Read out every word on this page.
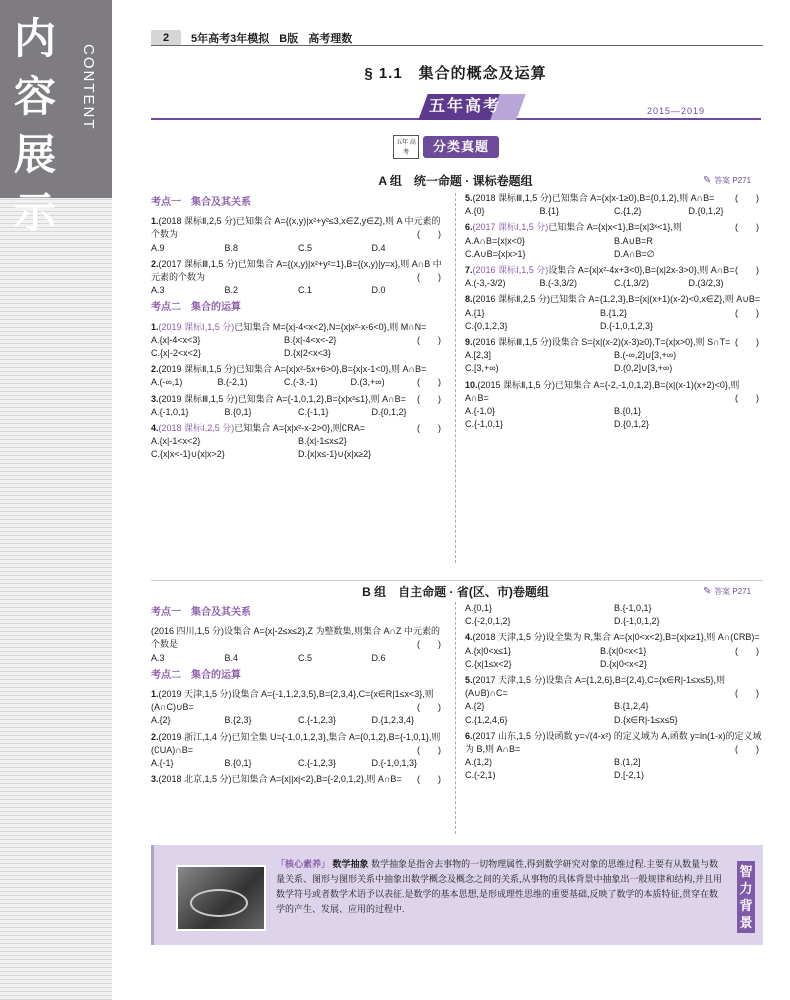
内
容
展
示
CONTENT
2	5年高考3年模拟 B版 高考理数
§ 1.1　集合的概念及运算
五年高考	2015—2019
五年 高考	分类真题
A 组　统一命题 · 课标卷题组	✎ 答案 P271
考点一　集合及其关系
1.(2018 课标Ⅱ,2,5 分)已知集合 A={(x,y)|x²+y²≤3,x∈Z,y∈Z},则 A 中元素的个数为	(　　)
A.9	B.8	C.5	D.4
2.(2017 课标Ⅲ,1,5 分)已知集合 A={(x,y)|x²+y²=1},B={(x,y)|y=x},则 A∩B 中元素的个数为	(　　)
A.3	B.2	C.1	D.0
考点二　集合的运算
1.(2019 课标Ⅰ,1,5 分)已知集合 M={x|-4<x<2},N={x|x²-x-6<0},则 M∩N=
(　　)
A.{x|-4<x<3}	B.{x|-4<x<-2}
C.{x|-2<x<2}	D.{x|2<x<3}
2.(2019 课标Ⅱ,1,5 分)已知集合 A={x|x²-5x+6>0},B={x|x-1<0},则 A∩B=
(　　)
A.(-∞,1)	B.(-2,1)	C.(-3,-1)	D.(3,+∞)
3.(2019 课标Ⅲ,1,5 分)已知集合 A={-1,0,1,2},B={x|x²≤1},则 A∩B= (　　)
A.{-1,0,1}	B.{0,1}	C.{-1,1}	D.{0,1,2}
4.(2018 课标Ⅰ,2,5 分)已知集合 A={x|x²-x-2>0},则∁RA=	(　　)
A.{x|-1<x<2}	B.{x|-1≤x≤2}
C.{x|x<-1}∪{x|x>2}	D.{x|x≤-1}∪{x|x≥2}
5.(2018 课标Ⅲ,1,5 分)已知集合 A={x|x-1≥0},B={0,1,2},则 A∩B= (　　)
A.{0}	B.{1}	C.{1,2}	D.{0,1,2}
6.(2017 课标Ⅰ,1,5 分)已知集合 A={x|x<1},B={x|3ˣ<1},则	(　　)
A.A∩B={x|x<0}	B.A∪B=R
C.A∪B={x|x>1}	D.A∩B=∅
7.(2016 课标Ⅰ,1,5 分)设集合 A={x|x²-4x+3<0},B={x|2x-3>0},则 A∩B= (　　)
A.(-3,-3/2)	B.(-3,3/2)	C.(1,3/2)	D.(3/2,3)
8.(2016 课标Ⅱ,2,5 分)已知集合 A={1,2,3},B={x|(x+1)(x-2)<0,x∈Z},则 A∪B=
(　　)
A.{1}	B.{1,2}
C.{0,1,2,3}	D.{-1,0,1,2,3}
9.(2016 课标Ⅲ,1,5 分)设集合 S={x|(x-2)(x-3)≥0},T={x|x>0},则 S∩T= (　　)
A.[2,3]	B.(-∞,2]∪[3,+∞)
C.[3,+∞)	D.(0,2]∪[3,+∞)
10.(2015 课标Ⅱ,1,5 分)已知集合 A={-2,-1,0,1,2},B={x|(x-1)(x+2)<0},则 A∩B=	(　　)
A.{-1,0}	B.{0,1}
C.{-1,0,1}	D.{0,1,2}
B 组　自主命题 · 省(区、市)卷题组	✎ 答案 P271
考点一　集合及其关系
(2016 四川,1,5 分)设集合 A={x|-2≤x≤2},Z 为整数集,则集合 A∩Z 中元素的个数是	(　　)
A.3	B.4	C.5	D.6
考点二　集合的运算
1.(2019 天津,1,5 分)设集合 A={-1,1,2,3,5},B={2,3,4},C={x∈R|1≤x<3},则(A∩C)∪B=	(　　)
A.{2}	B.{2,3}	C.{-1,2,3}	D.{1,2,3,4}
2.(2019 浙江,1,4 分)已知全集 U={-1,0,1,2,3},集合 A={0,1,2},B={-1,0,1},则(∁UA)∩B=	(　　)
A.{-1}	B.{0,1}	C.{-1,2,3}	D.{-1,0,1,3}
3.(2018 北京,1,5 分)已知集合 A={x||x|<2},B={-2,0,1,2},则 A∩B= (　　)
A.{0,1}	B.{-1,0,1}
C.{-2,0,1,2}	D.{-1,0,1,2}
4.(2018 天津,1,5 分)设全集为 R,集合 A={x|0<x<2},B={x|x≥1},则 A∩(∁RB)=
(　　)
A.{x|0<x≤1}	B.{x|0<x<1}
C.{x|1≤x<2}	D.{x|0<x<2}
5.(2017 天津,1,5 分)设集合 A={1,2,6},B={2,4},C={x∈R|-1≤x≤5},则(A∪B)∩C=	(　　)
A.{2}	B.{1,2,4}
C.{1,2,4,6}	D.{x∈R|-1≤x≤5}
6.(2017 山东,1,5 分)设函数 y=√(4-x²) 的定义域为 A,函数 y=ln(1-x)的定义域为 B,则 A∩B=	(　　)
A.(1,2)	B.(1,2]
C.(-2,1)	D.[-2,1)
「核心素养」 数学抽象 数学抽象是指舍去事物的一切物理属性,得到数学研究对象的思维过程.主要有从数量与数量关系、图形与图形关系中抽象出数学概念及概念之间的关系,从事物的具体背景中抽象出一般规律和结构,并且用数学符号或者数学术语予以表征.是数学的基本思想,是形成理性思维的重要基础,反映了数学的本质特征,贯穿在数学的产生、发展、应用的过程中.
智力背景
